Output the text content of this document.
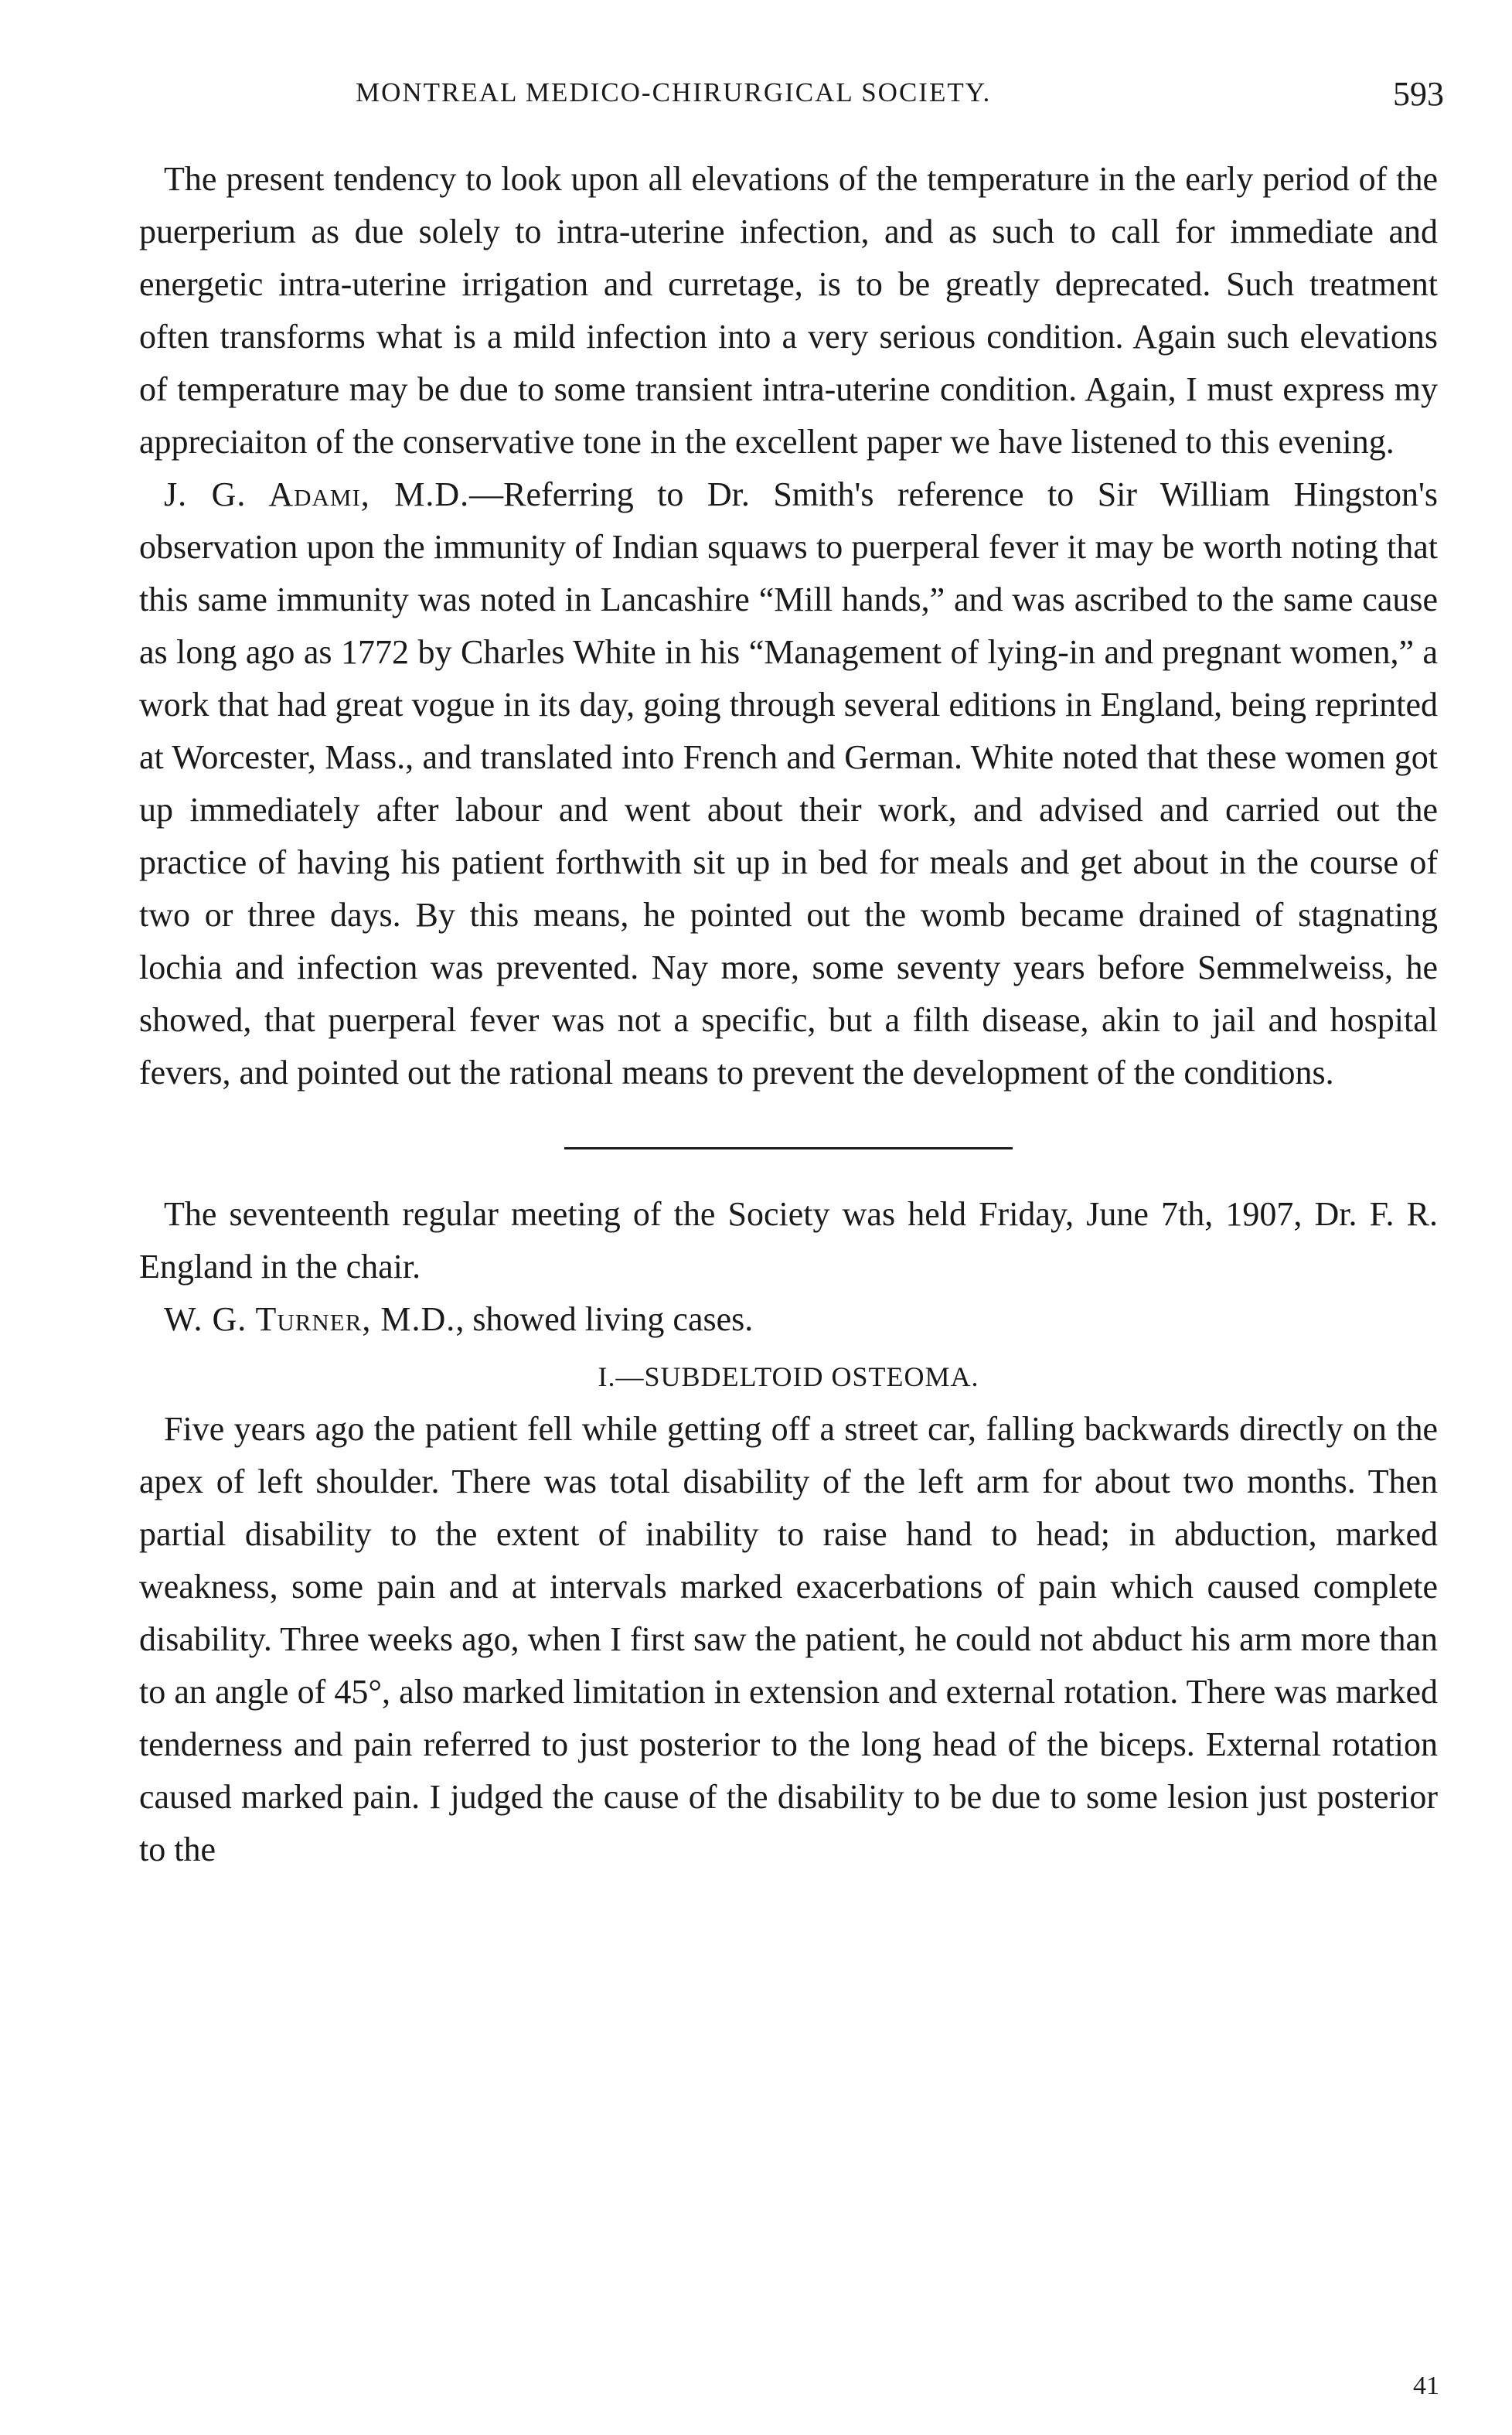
MONTREAL MEDICO-CHIRURGICAL SOCIETY.	593

The present tendency to look upon all elevations of the temperature in the early period of the puerperium as due solely to intra-uterine infection, and as such to call for immediate and energetic intra-uterine irrigation and curretage, is to be greatly deprecated. Such treatment often transforms what is a mild infection into a very serious condition. Again such elevations of temperature may be due to some transient intra-uterine condition. Again, I must express my appreciaiton of the conservative tone in the excellent paper we have listened to this evening.

J. G. Adami, M.D.—Referring to Dr. Smith's reference to Sir William Hingston's observation upon the immunity of Indian squaws to puerperal fever it may be worth noting that this same immunity was noted in Lancashire “Mill hands,” and was ascribed to the same cause as long ago as 1772 by Charles White in his “Management of lying-in and pregnant women,” a work that had great vogue in its day, going through several editions in England, being reprinted at Worcester, Mass., and translated into French and German. White noted that these women got up immediately after labour and went about their work, and advised and carried out the practice of having his patient forthwith sit up in bed for meals and get about in the course of two or three days. By this means, he pointed out the womb became drained of stagnating lochia and infection was prevented. Nay more, some seventy years before Semmelweiss, he showed, that puerperal fever was not a specific, but a filth disease, akin to jail and hospital fevers, and pointed out the rational means to prevent the development of the conditions.

The seventeenth regular meeting of the Society was held Friday, June 7th, 1907, Dr. F. R. England in the chair.

W. G. Turner, M.D., showed living cases.

I.—SUBDELTOID OSTEOMA.

Five years ago the patient fell while getting off a street car, falling backwards directly on the apex of left shoulder. There was total disability of the left arm for about two months. Then partial disability to the extent of inability to raise hand to head; in abduction, marked weakness, some pain and at intervals marked exacerbations of pain which caused complete disability. Three weeks ago, when I first saw the patient, he could not abduct his arm more than to an angle of 45°, also marked limitation in extension and external rotation. There was marked tenderness and pain referred to just posterior to the long head of the biceps. External rotation caused marked pain. I judged the cause of the disability to be due to some lesion just posterior to the

41
